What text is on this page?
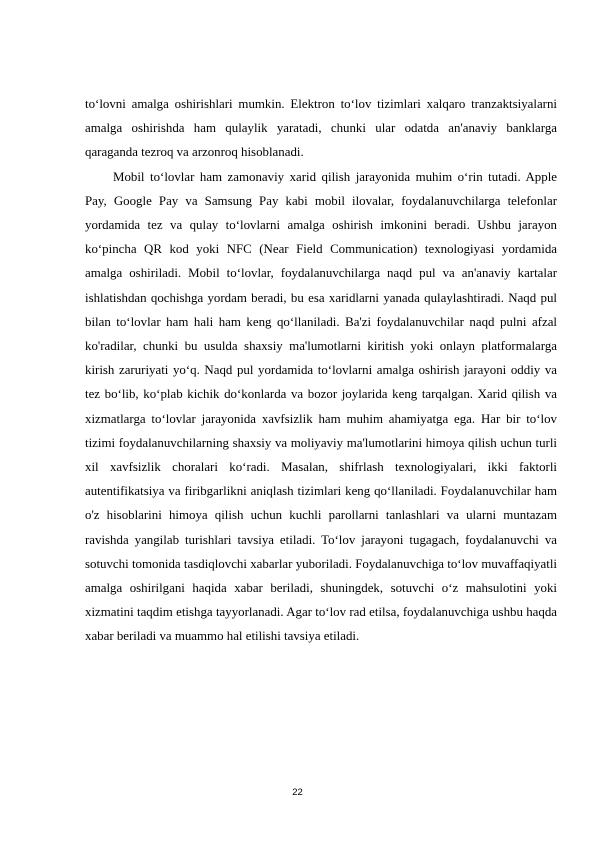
to‘lovni amalga oshirishlari mumkin. Elektron to‘lov tizimlari xalqaro tranzaktsiyalarni amalga oshirishda ham qulaylik yaratadi, chunki ular odatda an'anaviy banklarga qaraganda tezroq va arzonroq hisoblanadi.

Mobil to‘lovlar ham zamonaviy xarid qilish jarayonida muhim o‘rin tutadi. Apple Pay, Google Pay va Samsung Pay kabi mobil ilovalar, foydalanuvchilarga telefonlar yordamida tez va qulay to‘lovlarni amalga oshirish imkonini beradi. Ushbu jarayon ko‘pincha QR kod yoki NFC (Near Field Communication) texnologiyasi yordamida amalga oshiriladi. Mobil to‘lovlar, foydalanuvchilarga naqd pul va an'anaviy kartalar ishlatishdan qochishga yordam beradi, bu esa xaridlarni yanada qulaylashtiradi. Naqd pul bilan to‘lovlar ham hali ham keng qo‘llaniladi. Ba'zi foydalanuvchilar naqd pulni afzal ko'radilar, chunki bu usulda shaxsiy ma'lumotlarni kiritish yoki onlayn platformalarga kirish zaruriyati yo‘q. Naqd pul yordamida to‘lovlarni amalga oshirish jarayoni oddiy va tez bo‘lib, ko‘plab kichik do‘konlarda va bozor joylarida keng tarqalgan. Xarid qilish va xizmatlarga to‘lovlar jarayonida xavfsizlik ham muhim ahamiyatga ega. Har bir to‘lov tizimi foydalanuvchilarning shaxsiy va moliyaviy ma'lumotlarini himoya qilish uchun turli xil xavfsizlik choralari ko‘radi. Masalan, shifrlash texnologiyalari, ikki faktorli autentifikatsiya va firibgarlikni aniqlash tizimlari keng qo‘llaniladi. Foydalanuvchilar ham o'z hisoblarini himoya qilish uchun kuchli parollarni tanlashlari va ularni muntazam ravishda yangilab turishlari tavsiya etiladi. To‘lov jarayoni tugagach, foydalanuvchi va sotuvchi tomonida tasdiqlovchi xabarlar yuboriladi. Foydalanuvchiga to‘lov muvaffaqiyatli amalga oshirilgani haqida xabar beriladi, shuningdek, sotuvchi o‘z mahsulotini yoki xizmatini taqdim etishga tayyorlanadi. Agar to‘lov rad etilsa, foydalanuvchiga ushbu haqda xabar beriladi va muammo hal etilishi tavsiya etiladi.

22
